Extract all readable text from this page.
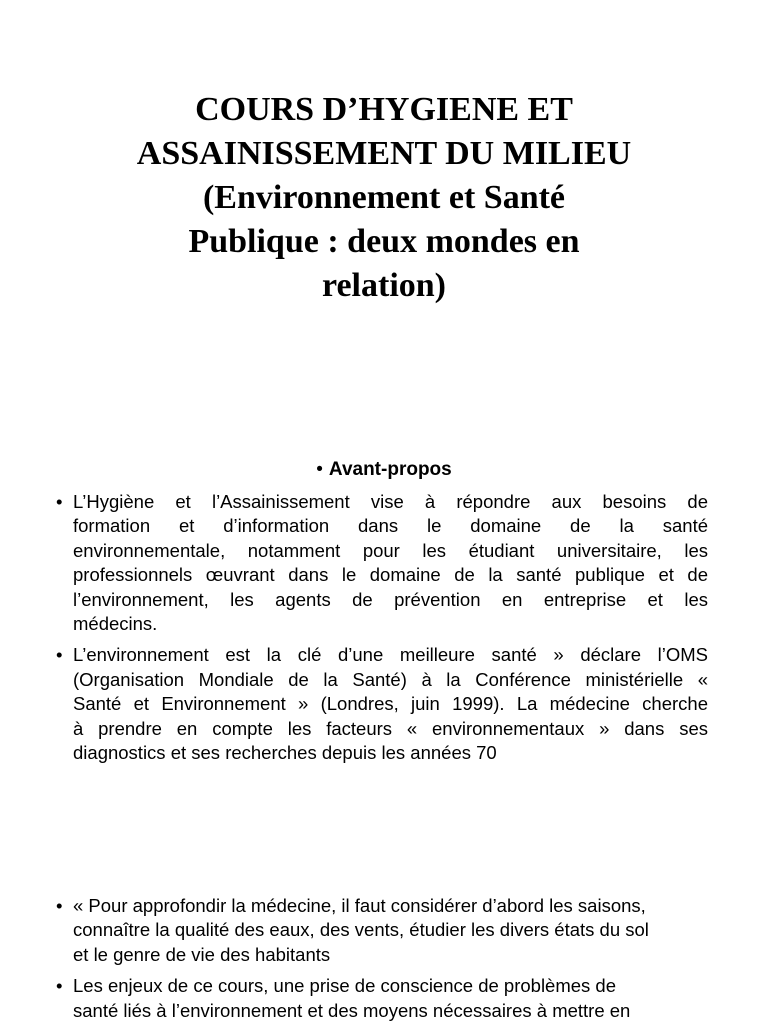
COURS D’HYGIENE ET
ASSAINISSEMENT DU MILIEU
(Environnement et Santé
Publique : deux mondes en
relation)
• Avant-propos
• L’Hygiène et l’Assainissement vise à répondre aux besoins de
formation et d’information dans le domaine de la santé
environnementale, notamment pour les étudiant universitaire, les
professionnels œuvrant dans le domaine de la santé publique et de
l’environnement, les agents de prévention en entreprise et les
médecins.
• L’environnement est la clé d’une meilleure santé » déclare l’OMS
(Organisation Mondiale de la Santé) à la Conférence ministérielle «
Santé et Environnement » (Londres, juin 1999). La médecine cherche
à prendre en compte les facteurs « environnementaux » dans ses
diagnostics et ses recherches depuis les années 70
• « Pour approfondir la médecine, il faut considérer d’abord les saisons,
connaître la qualité des eaux, des vents, étudier les divers états du sol
et le genre de vie des habitants
• Les enjeux de ce cours, une prise de conscience de problèmes de
santé liés à l’environnement et des moyens nécessaires à mettre en
